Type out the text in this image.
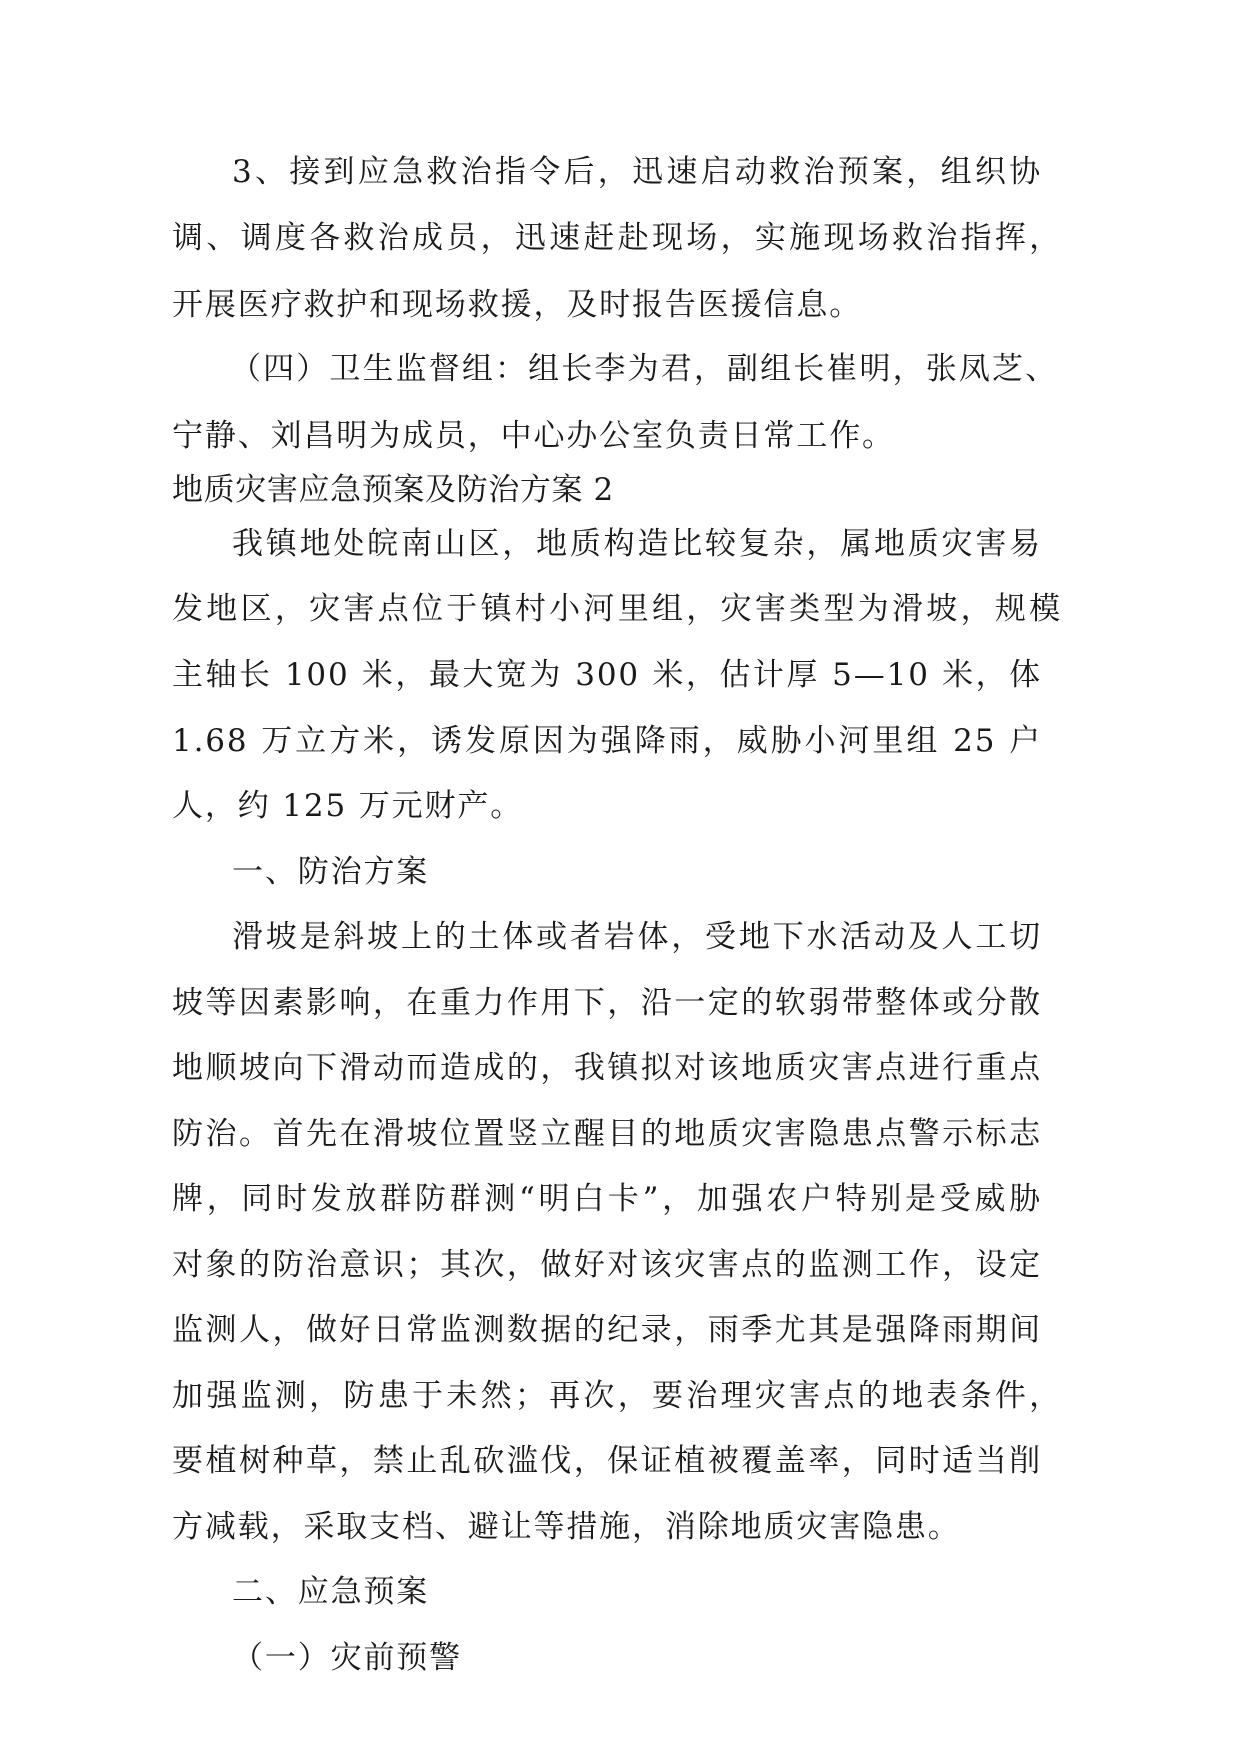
3、接到应急救治指令后，迅速启动救治预案，组织协
调、调度各救治成员，迅速赶赴现场，实施现场救治指挥，
开展医疗救护和现场救援，及时报告医援信息。
（四）卫生监督组：组长李为君，副组长崔明，张凤芝、
宁静、刘昌明为成员，中心办公室负责日常工作。
地质灾害应急预案及防治方案 2
我镇地处皖南山区，地质构造比较复杂，属地质灾害易
发地区，灾害点位于镇村小河里组，灾害类型为滑坡，规模
主轴长 100 米，最大宽为 300 米，估计厚 5—10 米，体
1.68 万立方米，诱发原因为强降雨，威胁小河里组 25 户
人，约 125 万元财产。
一、防治方案
滑坡是斜坡上的土体或者岩体，受地下水活动及人工切
坡等因素影响，在重力作用下，沿一定的软弱带整体或分散
地顺坡向下滑动而造成的，我镇拟对该地质灾害点进行重点
防治。首先在滑坡位置竖立醒目的地质灾害隐患点警示标志
牌，同时发放群防群测“明白卡”，加强农户特别是受威胁
对象的防治意识；其次，做好对该灾害点的监测工作，设定
监测人，做好日常监测数据的纪录，雨季尤其是强降雨期间
加强监测，防患于未然；再次，要治理灾害点的地表条件，
要植树种草，禁止乱砍滥伐，保证植被覆盖率，同时适当削
方减载，采取支档、避让等措施，消除地质灾害隐患。
二、应急预案
（一）灾前预警
